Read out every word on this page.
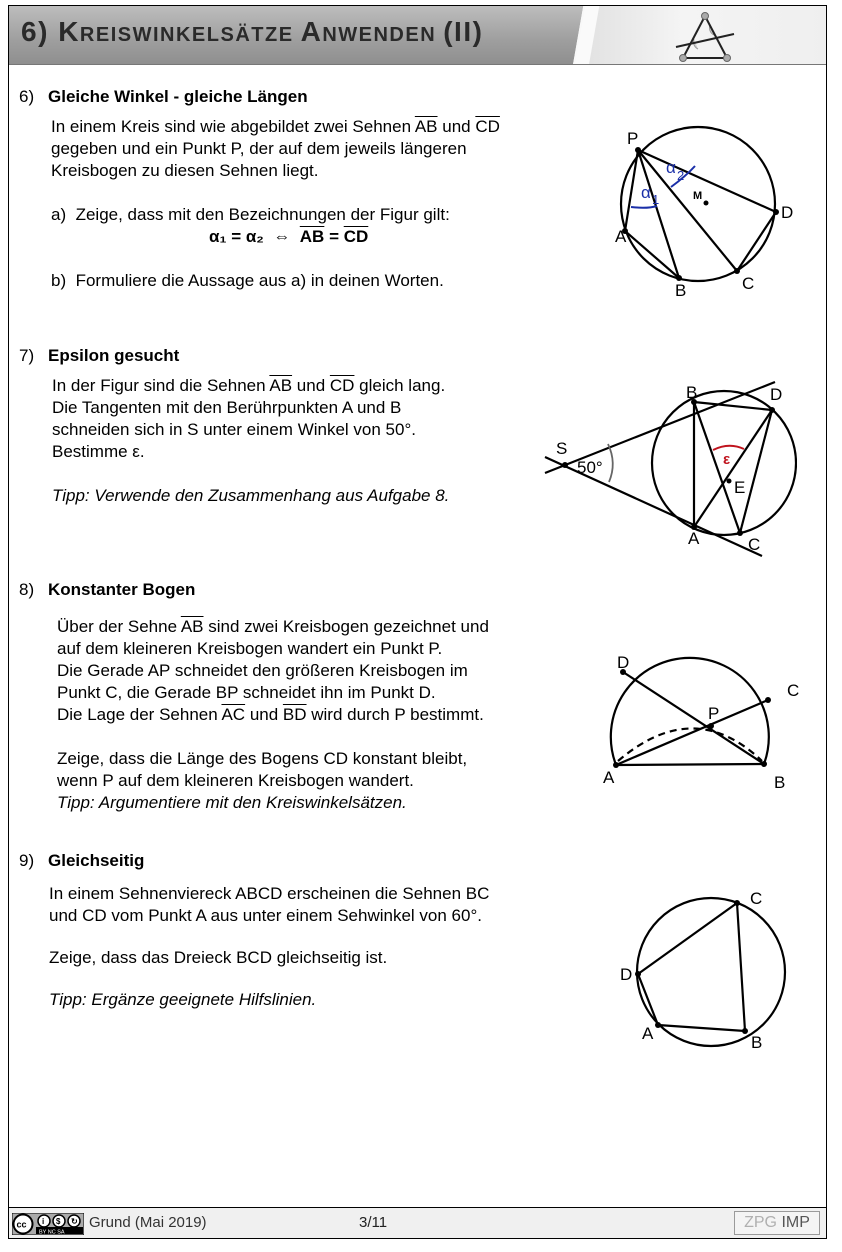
6) KREISWINKELSÄTZE ANWENDEN (II)
6) Gleiche Winkel - gleiche Längen

In einem Kreis sind wie abgebildet zwei Sehnen $\overline{AB}$ und $\overline{CD}$

gegeben und ein Punkt P, der auf dem jeweils längeren

Kreisbogen zu diesen Sehnen liegt.

a) Zeige, dass mit den Bezeichnungen der Figur gilt:

α₁ = α₂ ⇔ $\overline{AB} = \overline{CD}$

b) Formuliere die Aussage aus a) in deinen Worten.

P
A
B	C
D
M
α 1
α 2
7) Epsilon gesucht

In der Figur sind die Sehnen $\overline{AB}$ und $\overline{CD}$ gleich lang.

Die Tangenten mit den Berührpunkten A und B

schneiden sich in S unter einem Winkel von 50°.

Bestimme ε.

Tipp: Verwende den Zusammenhang aus Aufgabe 8.

S
50°
B	D
A	C
E
ε
8) Konstanter Bogen

Über der Sehne $\overline{AB}$ sind zwei Kreisbogen gezeichnet und

auf dem kleineren Kreisbogen wandert ein Punkt P.

Die Gerade AP schneidet den größeren Kreisbogen im

Punkt C, die Gerade BP schneidet ihn im Punkt D.

Die Lage der Sehnen $\overline{AC}$ und $\overline{BD}$ wird durch P bestimmt.

Zeige, dass die Länge des Bogens CD konstant bleibt,

wenn P auf dem kleineren Kreisbogen wandert.

Tipp: Argumentiere mit den Kreiswinkelsätzen.

A	B
C
D
P
9) Gleichseitig

In einem Sehnenviereck ABCD erscheinen die Sehnen BC

und CD vom Punkt A aus unter einem Sehwinkel von 60°.

Zeige, dass das Dreieck BCD gleichseitig ist.

Tipp: Ergänze geeignete Hilfslinien.

C
D
A	B
cc i $ ↻
BY NC SA
Grund (Mai 2019)	3/11	ZPG IMP
